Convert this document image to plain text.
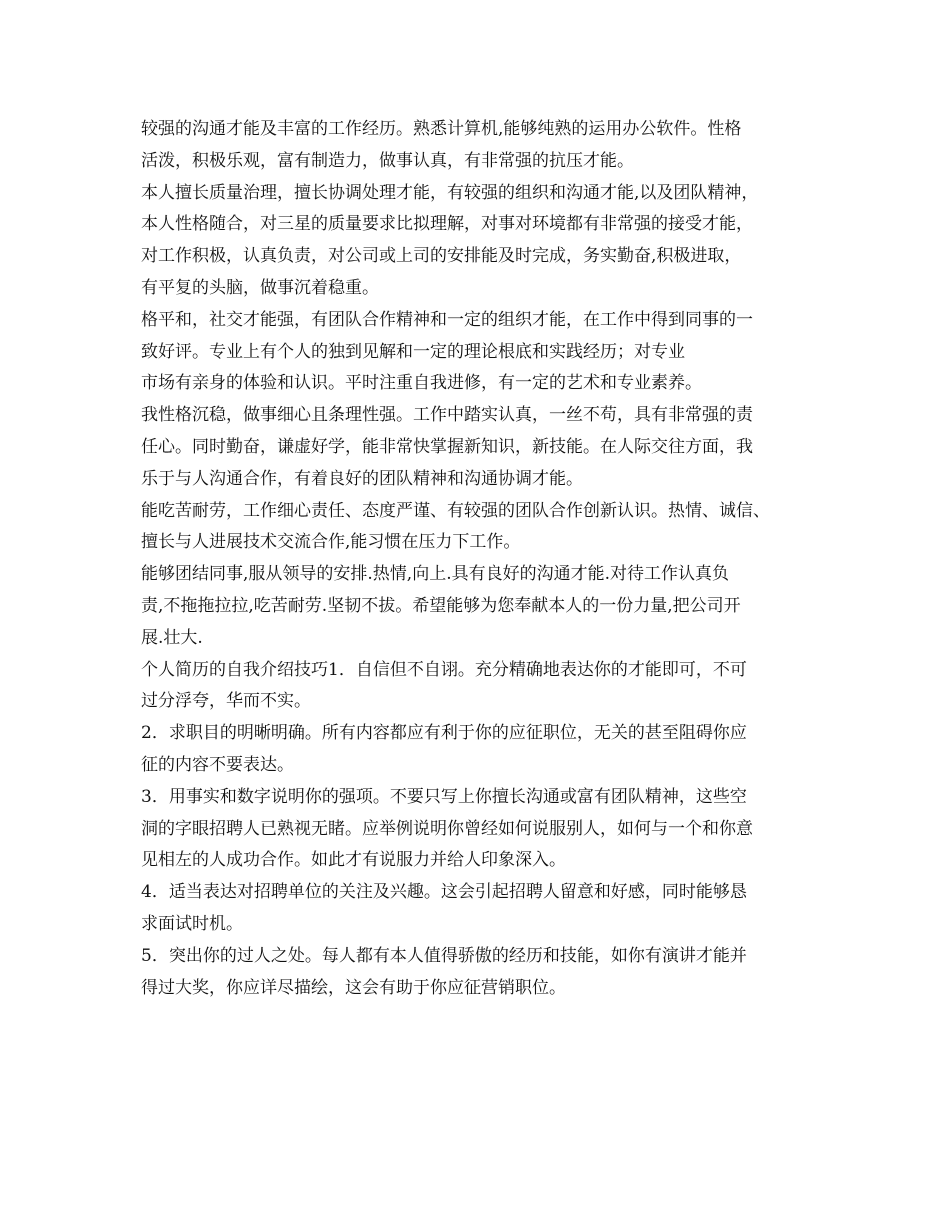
较强的沟通才能及丰富的工作经历。熟悉计算机,能够纯熟的运用办公软件。性格
活泼，积极乐观，富有制造力，做事认真，有非常强的抗压才能。
本人擅长质量治理，擅长协调处理才能，有较强的组织和沟通才能,以及团队精神，
本人性格随合，对三星的质量要求比拟理解，对事对环境都有非常强的接受才能，
对工作积极，认真负责，对公司或上司的安排能及时完成，务实勤奋,积极进取，
有平复的头脑，做事沉着稳重。
格平和，社交才能强，有团队合作精神和一定的组织才能，在工作中得到同事的一
致好评。专业上有个人的独到见解和一定的理论根底和实践经历；对专业
市场有亲身的体验和认识。平时注重自我进修，有一定的艺术和专业素养。
我性格沉稳，做事细心且条理性强。工作中踏实认真，一丝不苟，具有非常强的责
任心。同时勤奋，谦虚好学，能非常快掌握新知识，新技能。在人际交往方面，我
乐于与人沟通合作，有着良好的团队精神和沟通协调才能。
能吃苦耐劳，工作细心责任、态度严谨、有较强的团队合作创新认识。热情、诚信、
擅长与人进展技术交流合作,能习惯在压力下工作。
能够团结同事,服从领导的安排.热情,向上.具有良好的沟通才能.对待工作认真负
责,不拖拖拉拉,吃苦耐劳.坚韧不拔。希望能够为您奉献本人的一份力量,把公司开
展.壮大.
个人简历的自我介绍技巧1．自信但不自诩。充分精确地表达你的才能即可，不可
过分浮夸，华而不实。
2．求职目的明晰明确。所有内容都应有利于你的应征职位，无关的甚至阻碍你应
征的内容不要表达。
3．用事实和数字说明你的强项。不要只写上你擅长沟通或富有团队精神，这些空
洞的字眼招聘人已熟视无睹。应举例说明你曾经如何说服别人，如何与一个和你意
见相左的人成功合作。如此才有说服力并给人印象深入。
4．适当表达对招聘单位的关注及兴趣。这会引起招聘人留意和好感，同时能够恳
求面试时机。
5．突出你的过人之处。每人都有本人值得骄傲的经历和技能，如你有演讲才能并
得过大奖，你应详尽描绘，这会有助于你应征营销职位。
